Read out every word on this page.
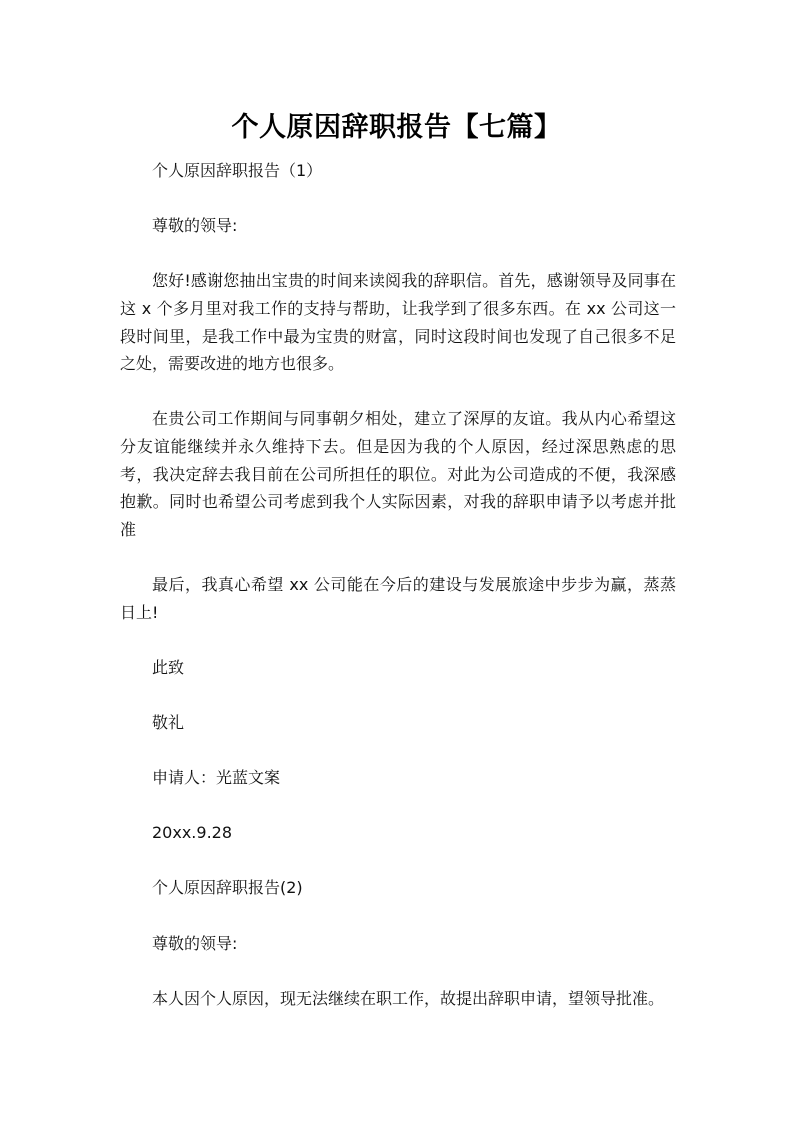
个人原因辞职报告【七篇】

个人原因辞职报告（1）

尊敬的领导:

您好!感谢您抽出宝贵的时间来读阅我的辞职信。首先，感谢领导及同事在这 x 个多月里对我工作的支持与帮助，让我学到了很多东西。在 xx 公司这一段时间里，是我工作中最为宝贵的财富，同时这段时间也发现了自己很多不足之处，需要改进的地方也很多。

在贵公司工作期间与同事朝夕相处，建立了深厚的友谊。我从内心希望这分友谊能继续并永久维持下去。但是因为我的个人原因，经过深思熟虑的思考，我决定辞去我目前在公司所担任的职位。对此为公司造成的不便，我深感抱歉。同时也希望公司考虑到我个人实际因素，对我的辞职申请予以考虑并批准

最后，我真心希望 xx 公司能在今后的建设与发展旅途中步步为赢，蒸蒸日上!

此致

敬礼

申请人：光蓝文案

20xx.9.28

个人原因辞职报告(2)

尊敬的领导:

本人因个人原因，现无法继续在职工作，故提出辞职申请，望领导批准。
